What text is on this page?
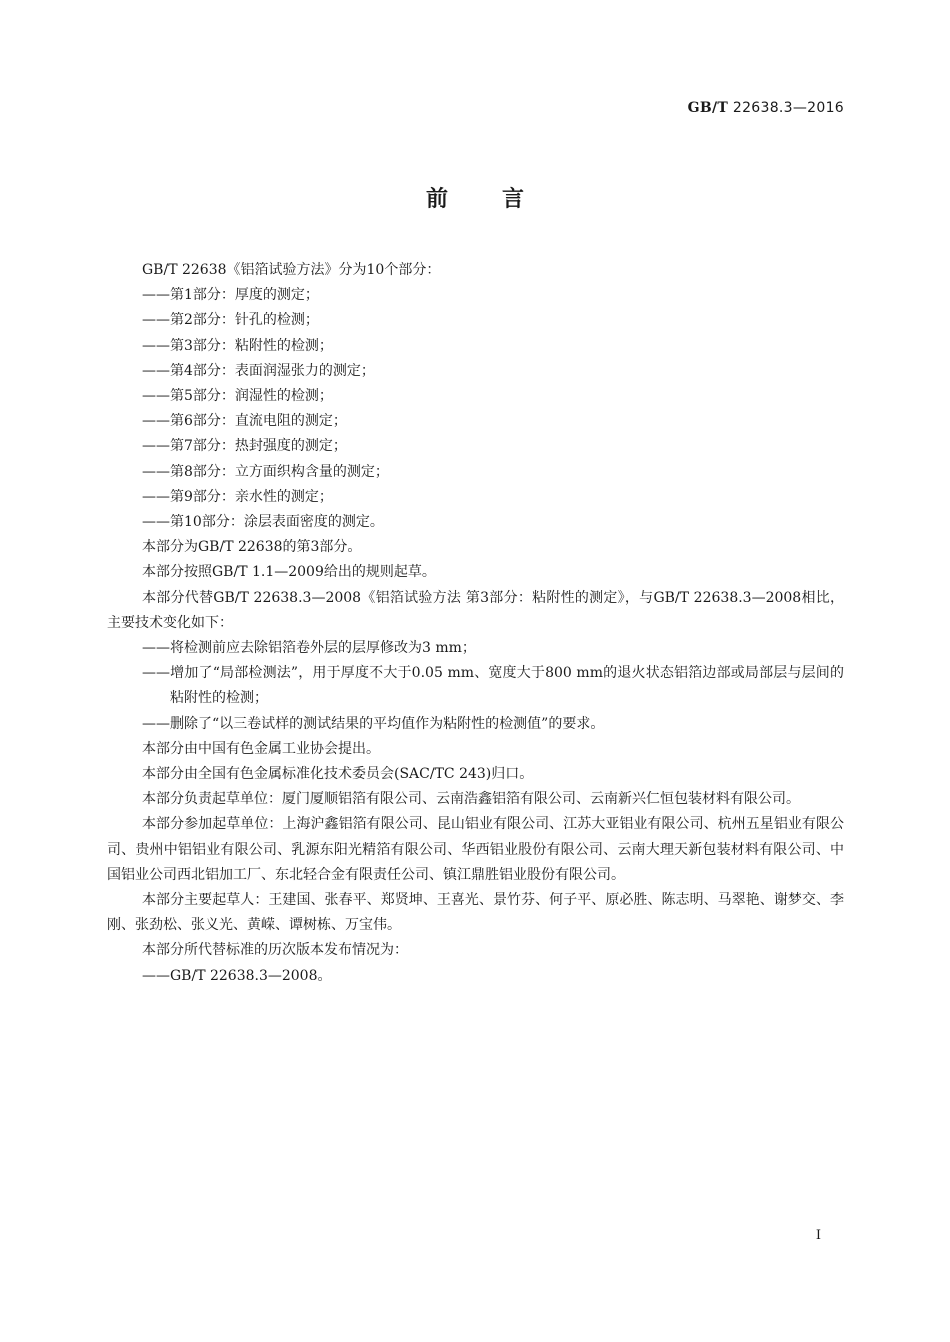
GB/T 22638.3—2016
前言

GB/T 22638《铝箔试验方法》分为10个部分：

——第1部分：厚度的测定；

——第2部分：针孔的检测；

——第3部分：粘附性的检测；

——第4部分：表面润湿张力的测定；

——第5部分：润湿性的检测；

——第6部分：直流电阻的测定；

——第7部分：热封强度的测定；

——第8部分：立方面织构含量的测定；

——第9部分：亲水性的测定；

——第10部分：涂层表面密度的测定。

本部分为GB/T 22638的第3部分。

本部分按照GB/T 1.1—2009给出的规则起草。

本部分代替GB/T 22638.3—2008《铝箔试验方法 第3部分：粘附性的测定》，与GB/T 22638.3—2008相比，主要技术变化如下：

——将检测前应去除铝箔卷外层的层厚修改为3 mm；

——增加了“局部检测法”，用于厚度不大于0.05 mm、宽度大于800 mm的退火状态铝箔边部或局部层与层间的粘附性的检测；

——删除了“以三卷试样的测试结果的平均值作为粘附性的检测值”的要求。

本部分由中国有色金属工业协会提出。

本部分由全国有色金属标准化技术委员会(SAC/TC 243)归口。

本部分负责起草单位：厦门厦顺铝箔有限公司、云南浩鑫铝箔有限公司、云南新兴仁恒包装材料有限公司。

本部分参加起草单位：上海沪鑫铝箔有限公司、昆山铝业有限公司、江苏大亚铝业有限公司、杭州五星铝业有限公司、贵州中铝铝业有限公司、乳源东阳光精箔有限公司、华西铝业股份有限公司、云南大理天新包装材料有限公司、中国铝业公司西北铝加工厂、东北轻合金有限责任公司、镇江鼎胜铝业股份有限公司。

本部分主要起草人：王建国、张春平、郑贤坤、王喜光、景竹芬、何子平、原必胜、陈志明、马翠艳、谢梦交、李刚、张劲松、张义光、黄嵘、谭树栋、万宝伟。

本部分所代替标准的历次版本发布情况为：

——GB/T 22638.3—2008。

I
